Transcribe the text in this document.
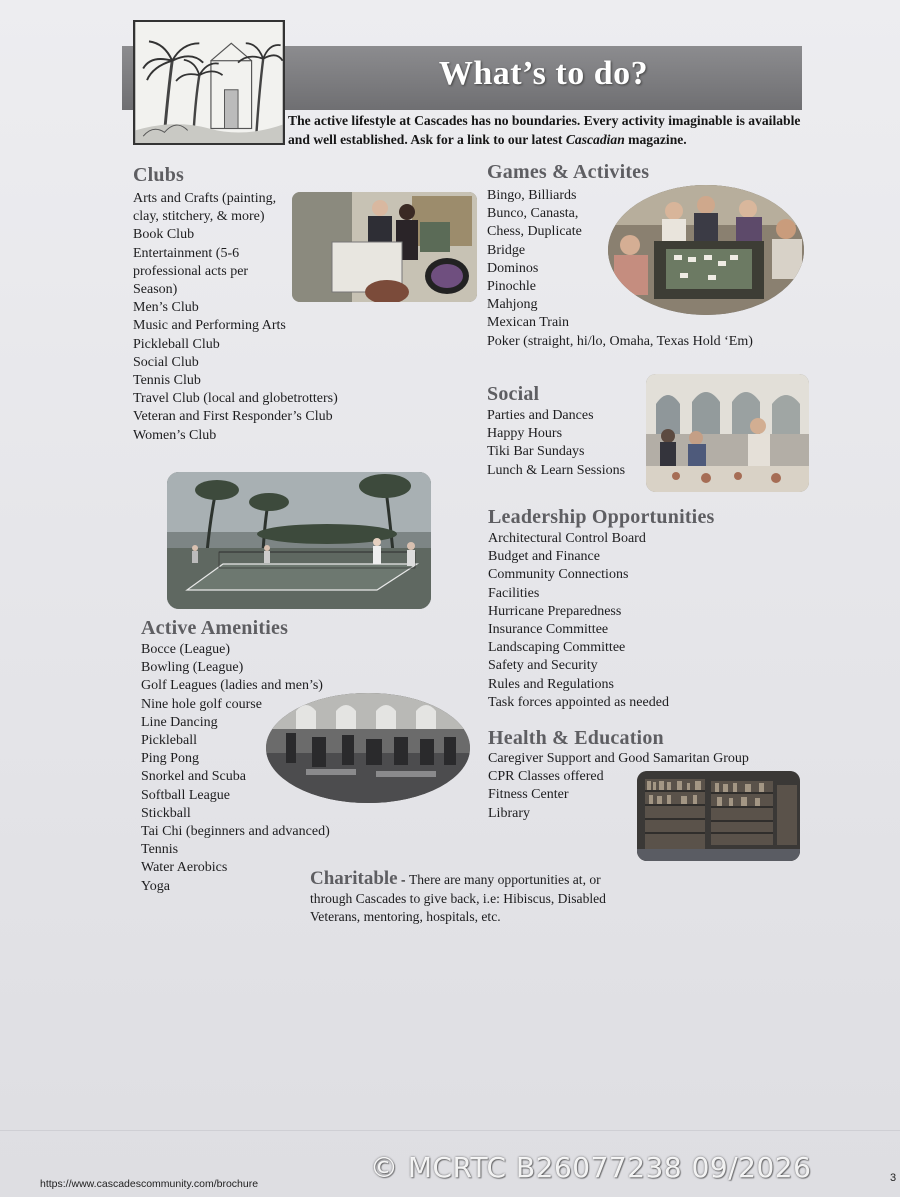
What’s to do?
The active lifestyle at Cascades has no boundaries. Every activity imaginable is available and well established. Ask for a link to our latest Cascadian magazine.
Clubs
Arts and Crafts (painting,
clay, stitchery, & more)
Book Club
Entertainment (5-6
professional acts per
Season)
Men’s Club
Music and Performing Arts
Pickleball Club
Social Club
Tennis Club
Travel Club (local and globetrotters)
Veteran and First Responder’s Club
Women’s Club
Games & Activites
Bingo, Billiards
Bunco, Canasta,
Chess, Duplicate
Bridge
Dominos
Pinochle
Mahjong
Mexican Train
Poker (straight, hi/lo, Omaha, Texas Hold ‘Em)
Social
Parties and Dances
Happy Hours
Tiki Bar Sundays
Lunch & Learn Sessions
Leadership Opportunities
Architectural Control Board
Budget and Finance
Community Connections
Facilities
Hurricane Preparedness
Insurance Committee
Landscaping Committee
Safety and Security
Rules and Regulations
Task forces appointed as needed
Active Amenities
Bocce (League)
Bowling (League)
Golf Leagues (ladies and men’s)
Nine hole golf course
Line Dancing
Pickleball
Ping Pong
Snorkel and Scuba
Softball League
Stickball
Tai Chi (beginners and advanced)
Tennis
Water Aerobics
Yoga
Health & Education
Caregiver Support and Good Samaritan Group
CPR Classes offered
Fitness Center
Library
Charitable - There are many opportunities at, or through Cascades to give back, i.e: Hibiscus, Disabled Veterans, mentoring, hospitals, etc.
© MCRTC B26077238 09/2026
https://www.cascadescommunity.com/brochure	3
